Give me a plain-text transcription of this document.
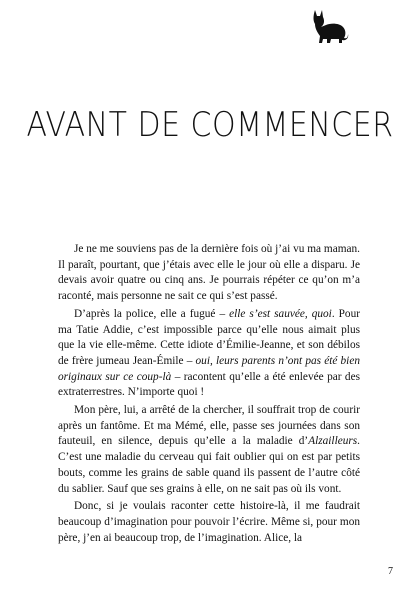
AVANT DE COMMENCER

Je ne me souviens pas de la dernière fois où j’ai vu ma maman. Il paraît, pourtant, que j’étais avec elle le jour où elle a disparu. Je devais avoir quatre ou cinq ans. Je pourrais répéter ce qu’on m’a raconté, mais personne ne sait ce qui s’est passé.

D’après la police, elle a fugué – elle s’est sauvée, quoi. Pour ma Tatie Addie, c’est impossible parce qu’elle nous aimait plus que la vie elle-même. Cette idiote d’Émilie-Jeanne, et son débilos de frère jumeau Jean-Émile – oui, leurs parents n’ont pas été bien originaux sur ce coup-là – racontent qu’elle a été enlevée par des extraterrestres. N’importe quoi !

Mon père, lui, a arrêté de la chercher, il souffrait trop de courir après un fantôme. Et ma Mémé, elle, passe ses journées dans son fauteuil, en silence, depuis qu’elle a la maladie d’Alzailleurs. C’est une maladie du cerveau qui fait oublier qui on est par petits bouts, comme les grains de sable quand ils passent de l’autre côté du sablier. Sauf que ses grains à elle, on ne sait pas où ils vont.

Donc, si je voulais raconter cette histoire-là, il me faudrait beaucoup d’imagination pour pouvoir l’écrire. Même si, pour mon père, j’en ai beaucoup trop, de l’imagination. Alice, la

7
